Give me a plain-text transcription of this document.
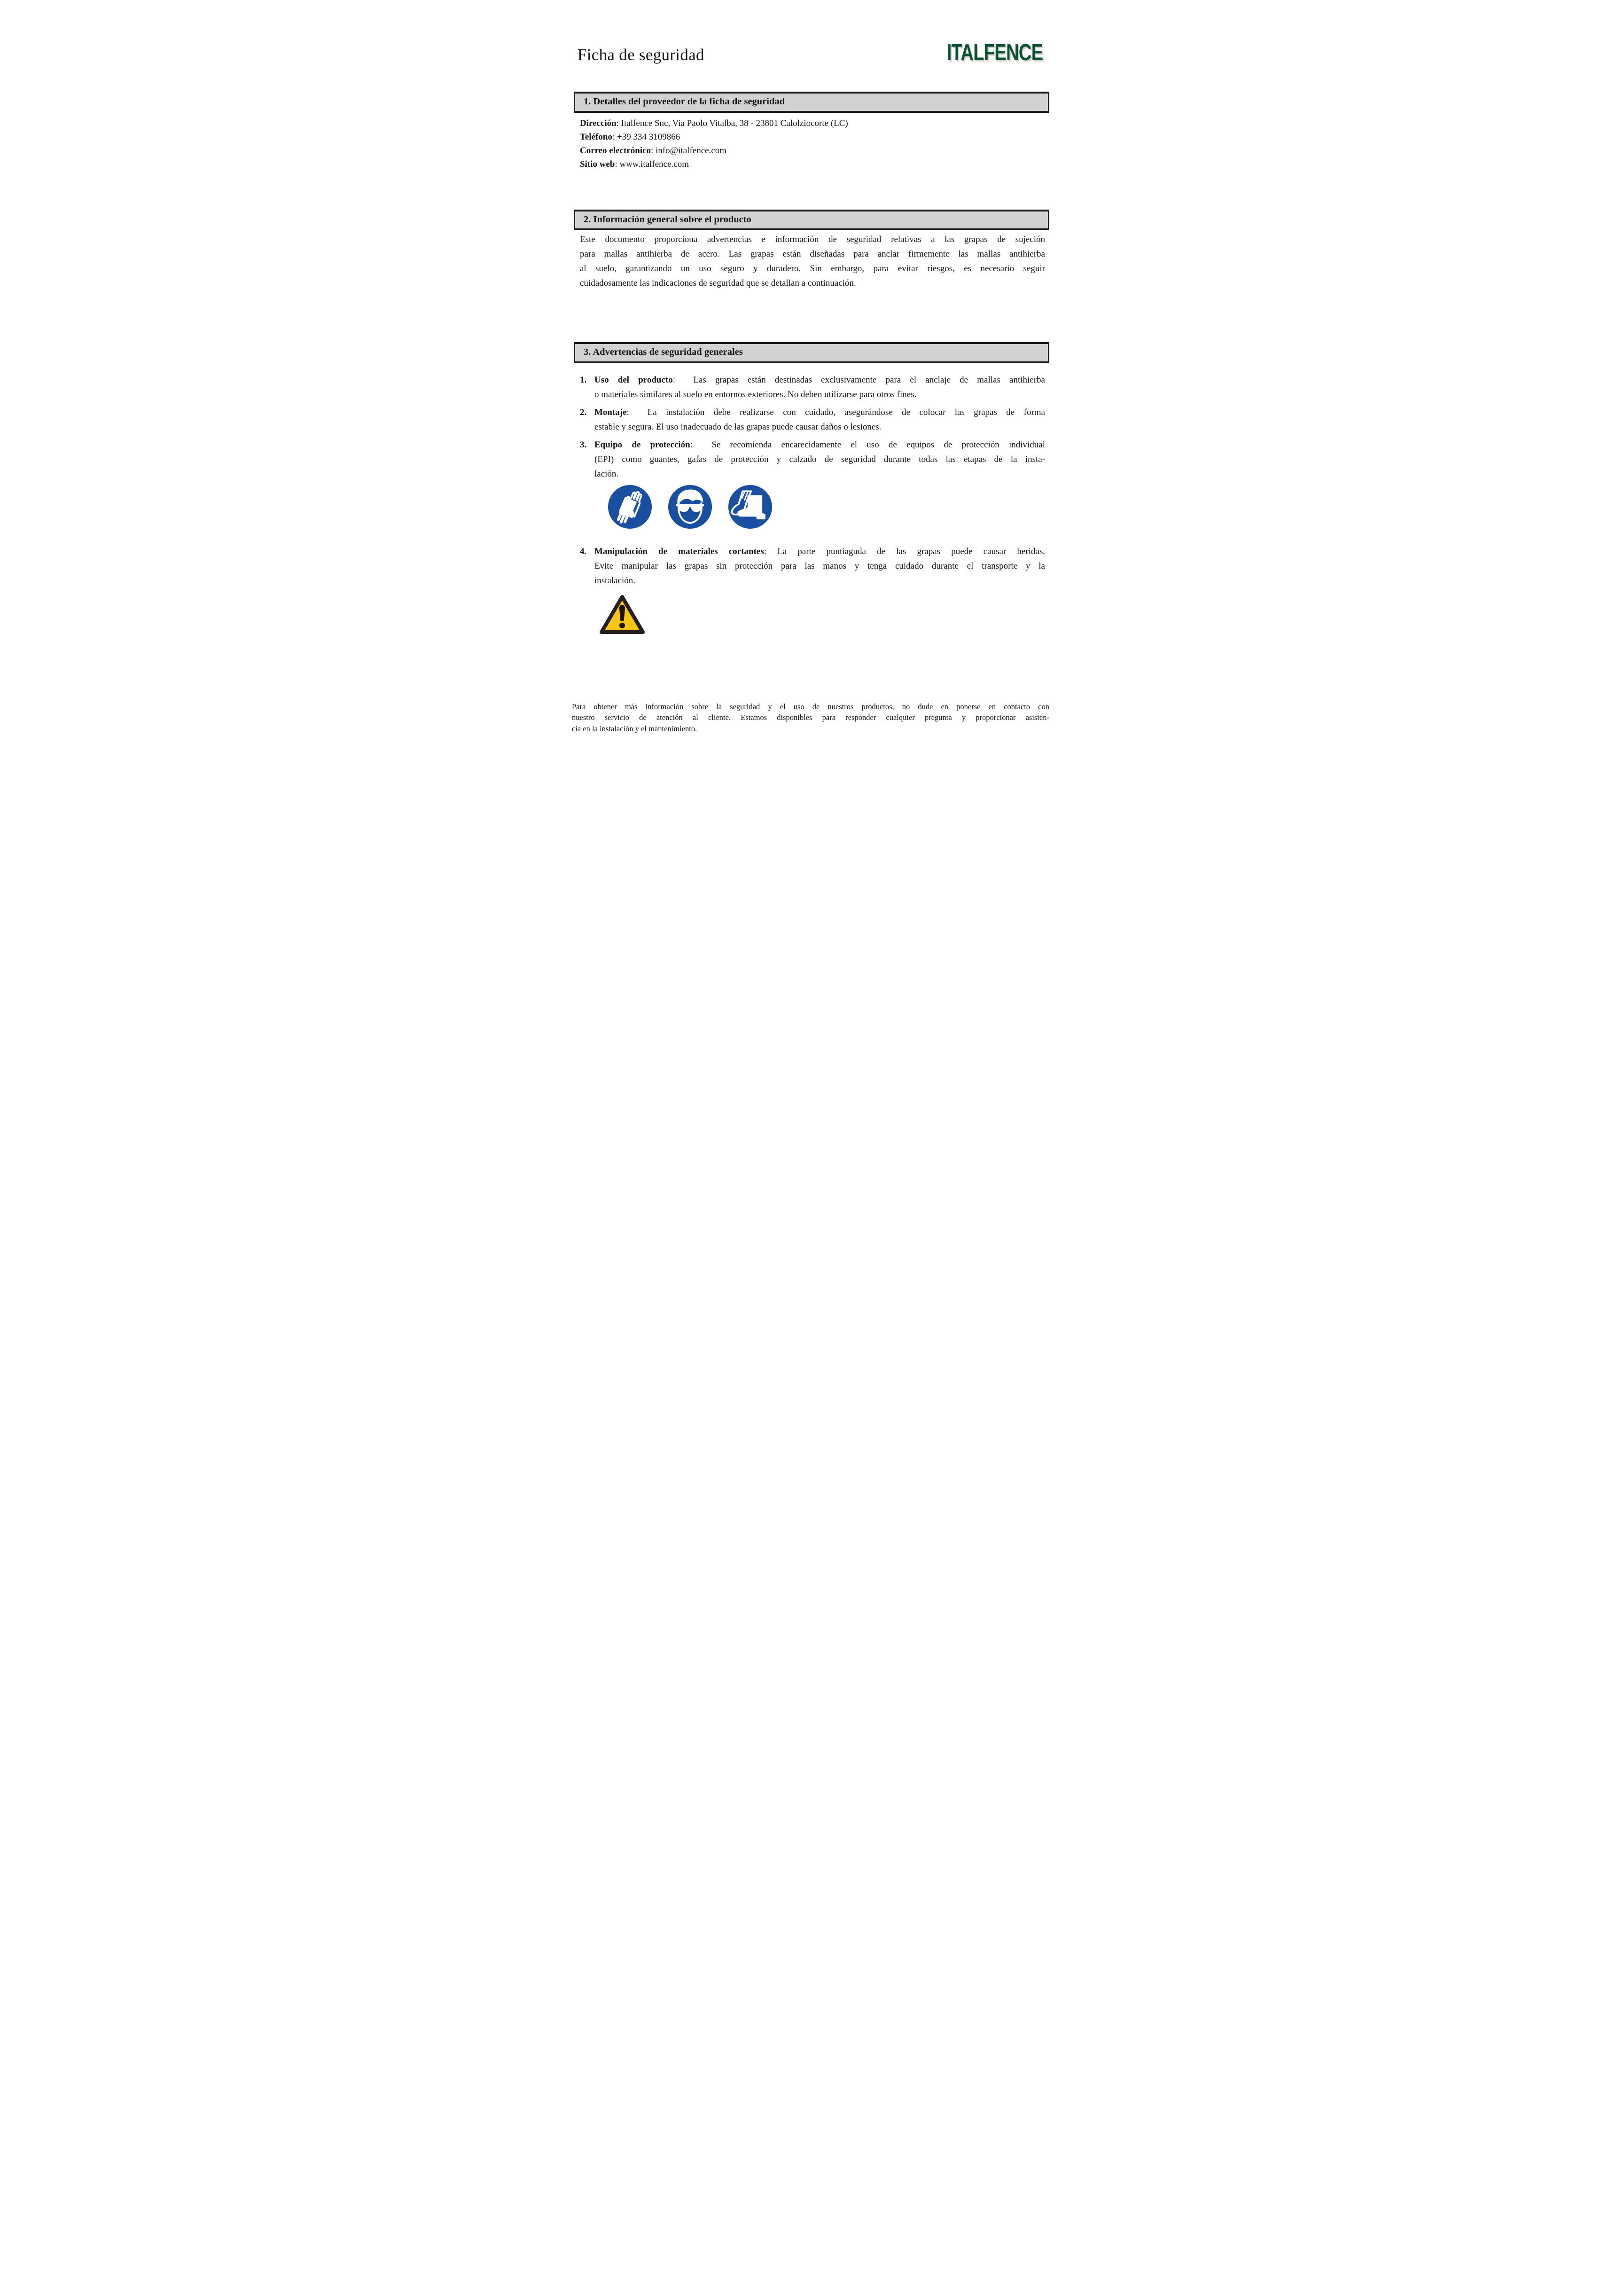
Ficha de seguridad	ITALFENCE
1. Detalles del proveedor de la ficha de seguridad
Dirección: Italfence Snc, Via Paolo Vitalba, 38 - 23801 Calolziocorte (LC)
Teléfono: +39 334 3109866
Correo electrónico: info@italfence.com
Sitio web: www.italfence.com
2. Información general sobre el producto
Este documento proporciona advertencias e información de seguridad relativas a las grapas de sujeción
para mallas antihierba de acero. Las grapas están diseñadas para anclar firmemente las mallas antihierba
al suelo, garantizando un uso seguro y duradero. Sin embargo, para evitar riesgos, es necesario seguir
cuidadosamente las indicaciones de seguridad que se detallan a continuación.
3. Advertencias de seguridad generales
1. Uso del producto:  Las grapas están destinadas exclusivamente para el anclaje de mallas antihierba
o materiales similares al suelo en entornos exteriores. No deben utilizarse para otros fines.
2. Montaje:  La instalación debe realizarse con cuidado, asegurándose de colocar las grapas de forma
estable y segura. El uso inadecuado de las grapas puede causar daños o lesiones.
3. Equipo de protección:  Se recomienda encarecidamente el uso de equipos de protección individual
(EPI) como guantes, gafas de protección y calzado de seguridad durante todas las etapas de la insta-
lación.
4. Manipulación de materiales cortantes: La parte puntiaguda de las grapas puede causar heridas.
Evite manipular las grapas sin protección para las manos y tenga cuidado durante el transporte y la
instalación.
Para obtener más información sobre la seguridad y el uso de nuestros productos, no dude en ponerse en contacto con
nuestro servicio de atención al cliente. Estamos disponibles para responder cualquier pregunta y proporcionar asisten-
cia en la instalación y el mantenimiento.
